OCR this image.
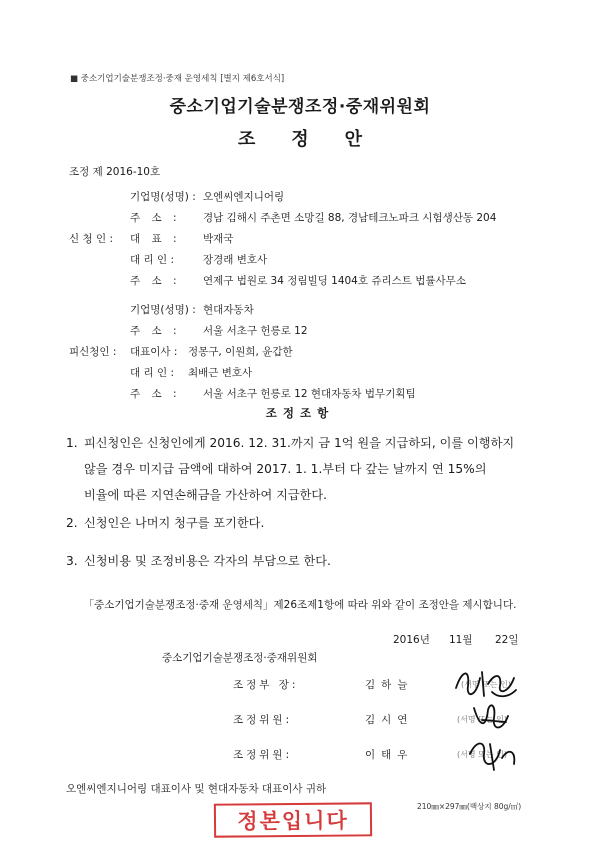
■ 중소기업기술분쟁조정·중재 운영세칙 [별지 제6호서식]
중소기업기술분쟁조정·중재위원회
조정안
조정 제 2016-10호
기업명(성명) : 오엔씨엔지니어링
주 소 :	경남 김해시 주촌면 소망길 88, 경남테크노파크 시험생산동 204
신 청 인 : 대 표 : 박재국
대 리 인 :	장경래 변호사
주 소 : 연제구 법원로 34 정림빌딩 1404호 쥬리스트 법률사무소
기업명(성명) : 현대자동차
주 소 : 서울 서초구 헌릉로 12
피신청인 : 대표이사 : 정몽구, 이원희, 윤갑한
대 리 인 : 최배근 변호사
주 소 : 서울 서초구 헌릉로 12 현대자동차 법무기획팀
조정조항
1. 피신청인은 신청인에게 2016. 12. 31.까지 금 1억 원을 지급하되, 이를 이행하지
않을 경우 미지급 금액에 대하여 2017. 1. 1.부터 다 갚는 날까지 연 15%의
비율에 따른 지연손해금을 가산하여 지급한다.
2. 신청인은 나머지 청구를 포기한다.
3. 신청비용 및 조정비용은 각자의 부담으로 한다.
「중소기업기술분쟁조정·중재 운영세칙」제26조제1항에 따라 위와 같이 조정안을 제시합니다.
2016년 11월 22일
중소기업기술분쟁조정·중재위원회
조정부 장:	김하늘	(서명 또는 인)
조정위원:	김시연	(서명 또는 인)
조정위원:	이태우	(서명 또는 인)
오엔씨엔지니어링 대표이사 및 현대자동차 대표이사 귀하
210㎜×297㎜(백상지 80g/㎡)
정본입니다
